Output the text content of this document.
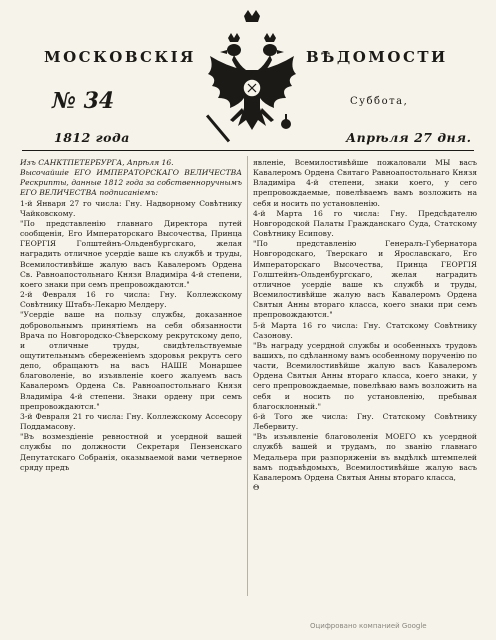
МОСКОВСКІЯ	ВѢДОМОСТИ
№ 34	Суббота,
1812 года	Апрѣля 27 дня.

Изъ САНКТПЕТЕРБУРГА, Апрѣля 16.

Высочайшіе ЕГО ИМПЕРАТОРСКАГО ВЕЛИЧЕСТВА Рескрипты, данные 1812 года за собственноручнымъ ЕГО ВЕЛИЧЕСТВА подписаніемъ:

1-й Января 27 го числа: Гну. Надворному Совѣтнику Чайковскому.

"По представленію главнаго Директора путей сообщенія, Его Императорскаго Высочества, Принца ГЕОРГІЯ Голштейнъ-Ольденбургскаго, желая наградить отличное усердіе ваше къ службѣ и труды, Всемилостивѣйше жалую васъ Кавалеромъ Ордена Св. Равноапостольнаго Князя Владиміра 4-й степени, коего знаки при семъ препровождаются."

2-й Февраля 16 го числа: Гну. Коллежскому Совѣтнику Штабъ-Лекарю Мелдеру.

"Усердіе ваше на пользу службы, доказанное добровольнымъ принятіемъ на себя обязанности Врача по Новгородско-Сѣверскому рекрутскому депо, и отличные труды, свидѣтельствуемые ощутительнымъ сбереженіемъ здоровья рекрутъ сего депо, обращаютъ на васъ НАШЕ Монаршее благоволеніе, во изъявленіе коего жалуемъ васъ Кавалеромъ Ордена Св. Равноапостольнаго Князя Владиміра 4-й степени. Знаки ордену при семъ препровождаются."

3-й Февраля 21 го числа: Гну. Коллежскому Ассесору Поддамасову.

"Въ возмездіеніе ревностной и усердной вашей службы по должности Секретаря Пензенскаго Депутатскаго Собранія, оказываемой вами четверное сряду предъ

явленіе, Всемилостивѣйше пожаловали МЫ васъ Кавалеромъ Ордена Святаго Равноапостольнаго Князя Владиміра 4-й степени, знаки коего, у сего препровождаемые, повелѣваемъ вамъ возложить на себя и носить по установленію.

4-й Марта 16 го числа: Гну. Предсѣдателю Новгородской Палаты Гражданскаго Суда, Статскому Совѣтнику Есипову.

"По представленію Генералъ-Губернатора Новгородскаго, Тверскаго и Ярославскаго, Его Императорскаго Высочества, Принца ГЕОРГІЯ Голштейнъ-Ольденбургскаго, желая наградить отличное усердіе ваше къ службѣ и труды, Всемилостивѣйше жалую васъ Кавалеромъ Ордена Святыя Анны втораго класса, коего знаки при семъ препровождаются."

5-й Марта 16 го числа: Гну. Статскому Совѣтнику Сазонову.

"Въ награду усердной службы и особенныхъ трудовъ вашихъ, по сдѣланному вамъ особенному порученію по части, Всемилостивѣйше жалую васъ Кавалеромъ Ордена Святыя Анны втораго класса, коего знаки, у сего препровождаемые, повелѣваю вамъ возложить на себя и носить по установленію, пребывая благосклонный."

6-й Того же числа: Гну. Статскому Совѣтнику Лебервиту.

"Въ изъявленіе благоволенія МОЕГО къ усердной службѣ вашей и трудамъ, по званію главнаго Медальера при разпоряженіи въ выдѣлкѣ штемпелей вамъ подъвѣдомыхъ, Всемилостивѣйше жалую васъ Кавалеромъ Ордена Святыя Анны втораго класса,

Θ

Оцифровано компанией Google
